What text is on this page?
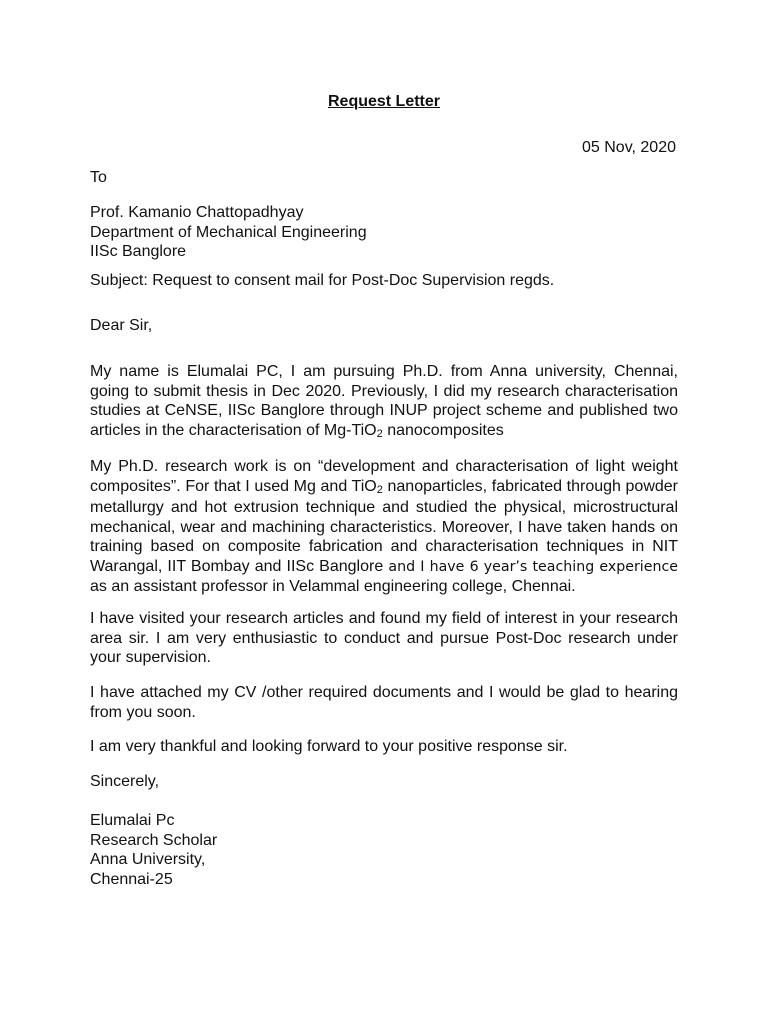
Request Letter
05 Nov, 2020
To
Prof. Kamanio Chattopadhyay
Department of Mechanical Engineering
IISc Banglore
Subject: Request to consent mail for Post-Doc Supervision regds.
Dear Sir,
My name is Elumalai PC, I am pursuing Ph.D. from Anna university, Chennai, going to submit thesis in Dec 2020. Previously, I did my research characterisation studies at CeNSE, IISc Banglore through INUP project scheme and published two articles in the characterisation of Mg-TiO$_2$ nanocomposites
My Ph.D. research work is on “development and characterisation of light weight composites”. For that I used Mg and TiO$_2$ nanoparticles, fabricated through powder metallurgy and hot extrusion technique and studied the physical, microstructural mechanical, wear and machining characteristics. Moreover, I have taken hands on training based on composite fabrication and characterisation techniques in NIT Warangal, IIT Bombay and IISc Banglore and I have 6 year’s teaching experience as an assistant professor in Velammal engineering college, Chennai.
I have visited your research articles and found my field of interest in your research area sir. I am very enthusiastic to conduct and pursue Post-Doc research under your supervision.
I have attached my CV /other required documents and I would be glad to hearing from you soon.
I am very thankful and looking forward to your positive response sir.
Sincerely,
Elumalai Pc
Research Scholar
Anna University,
Chennai-25
